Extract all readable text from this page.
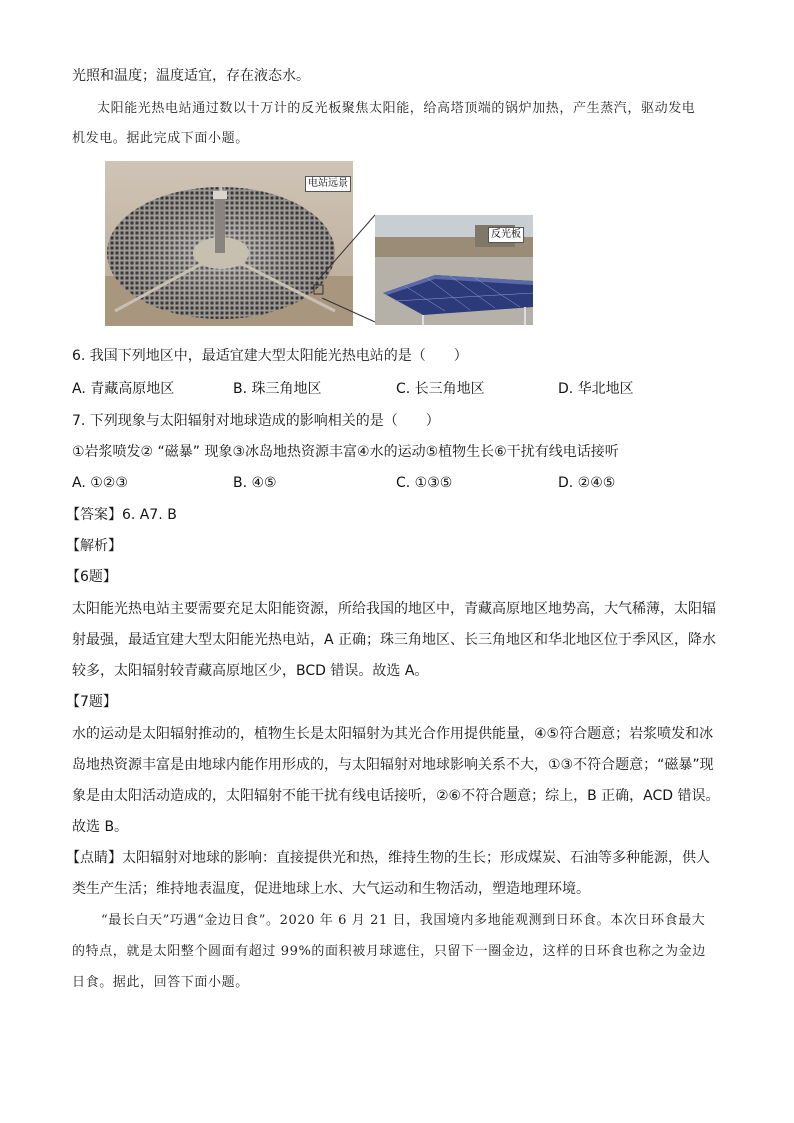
光照和温度；温度适宜，存在液态水。
太阳能光热电站通过数以十万计的反光板聚焦太阳能，给高塔顶端的锅炉加热，产生蒸汽，驱动发电
机发电。据此完成下面小题。
电站远景
反光板
6. 我国下列地区中，最适宜建大型太阳能光热电站的是（　　）
A. 青藏高原地区	B. 珠三角地区	C. 长三角地区	D. 华北地区
7. 下列现象与太阳辐射对地球造成的影响相关的是（　　）
①岩浆喷发② “磁暴” 现象③冰岛地热资源丰富④水的运动⑤植物生长⑥干扰有线电话接听
A. ①②③	B. ④⑤	C. ①③⑤	D. ②④⑤
【答案】6. A7. B
【解析】
【6题】
太阳能光热电站主要需要充足太阳能资源，所给我国的地区中，青藏高原地区地势高，大气稀薄，太阳辐
射最强，最适宜建大型太阳能光热电站，A 正确；珠三角地区、长三角地区和华北地区位于季风区，降水
较多，太阳辐射较青藏高原地区少，BCD 错误。故选 A。
【7题】
水的运动是太阳辐射推动的，植物生长是太阳辐射为其光合作用提供能量，④⑤符合题意；岩浆喷发和冰
岛地热资源丰富是由地球内能作用形成的，与太阳辐射对地球影响关系不大，①③不符合题意；“磁暴”现
象是由太阳活动造成的，太阳辐射不能干扰有线电话接听，②⑥不符合题意；综上，B 正确，ACD 错误。
故选 B。
【点睛】太阳辐射对地球的影响：直接提供光和热，维持生物的生长；形成煤炭、石油等多种能源，供人
类生产生活；维持地表温度，促进地球上水、大气运动和生物活动，塑造地理环境。
“最长白天”巧遇“金边日食”。2020 年 6 月 21 日，我国境内多地能观测到日环食。本次日环食最大
的特点，就是太阳整个圆面有超过 99%的面积被月球遮住，只留下一圈金边，这样的日环食也称之为金边
日食。据此，回答下面小题。
